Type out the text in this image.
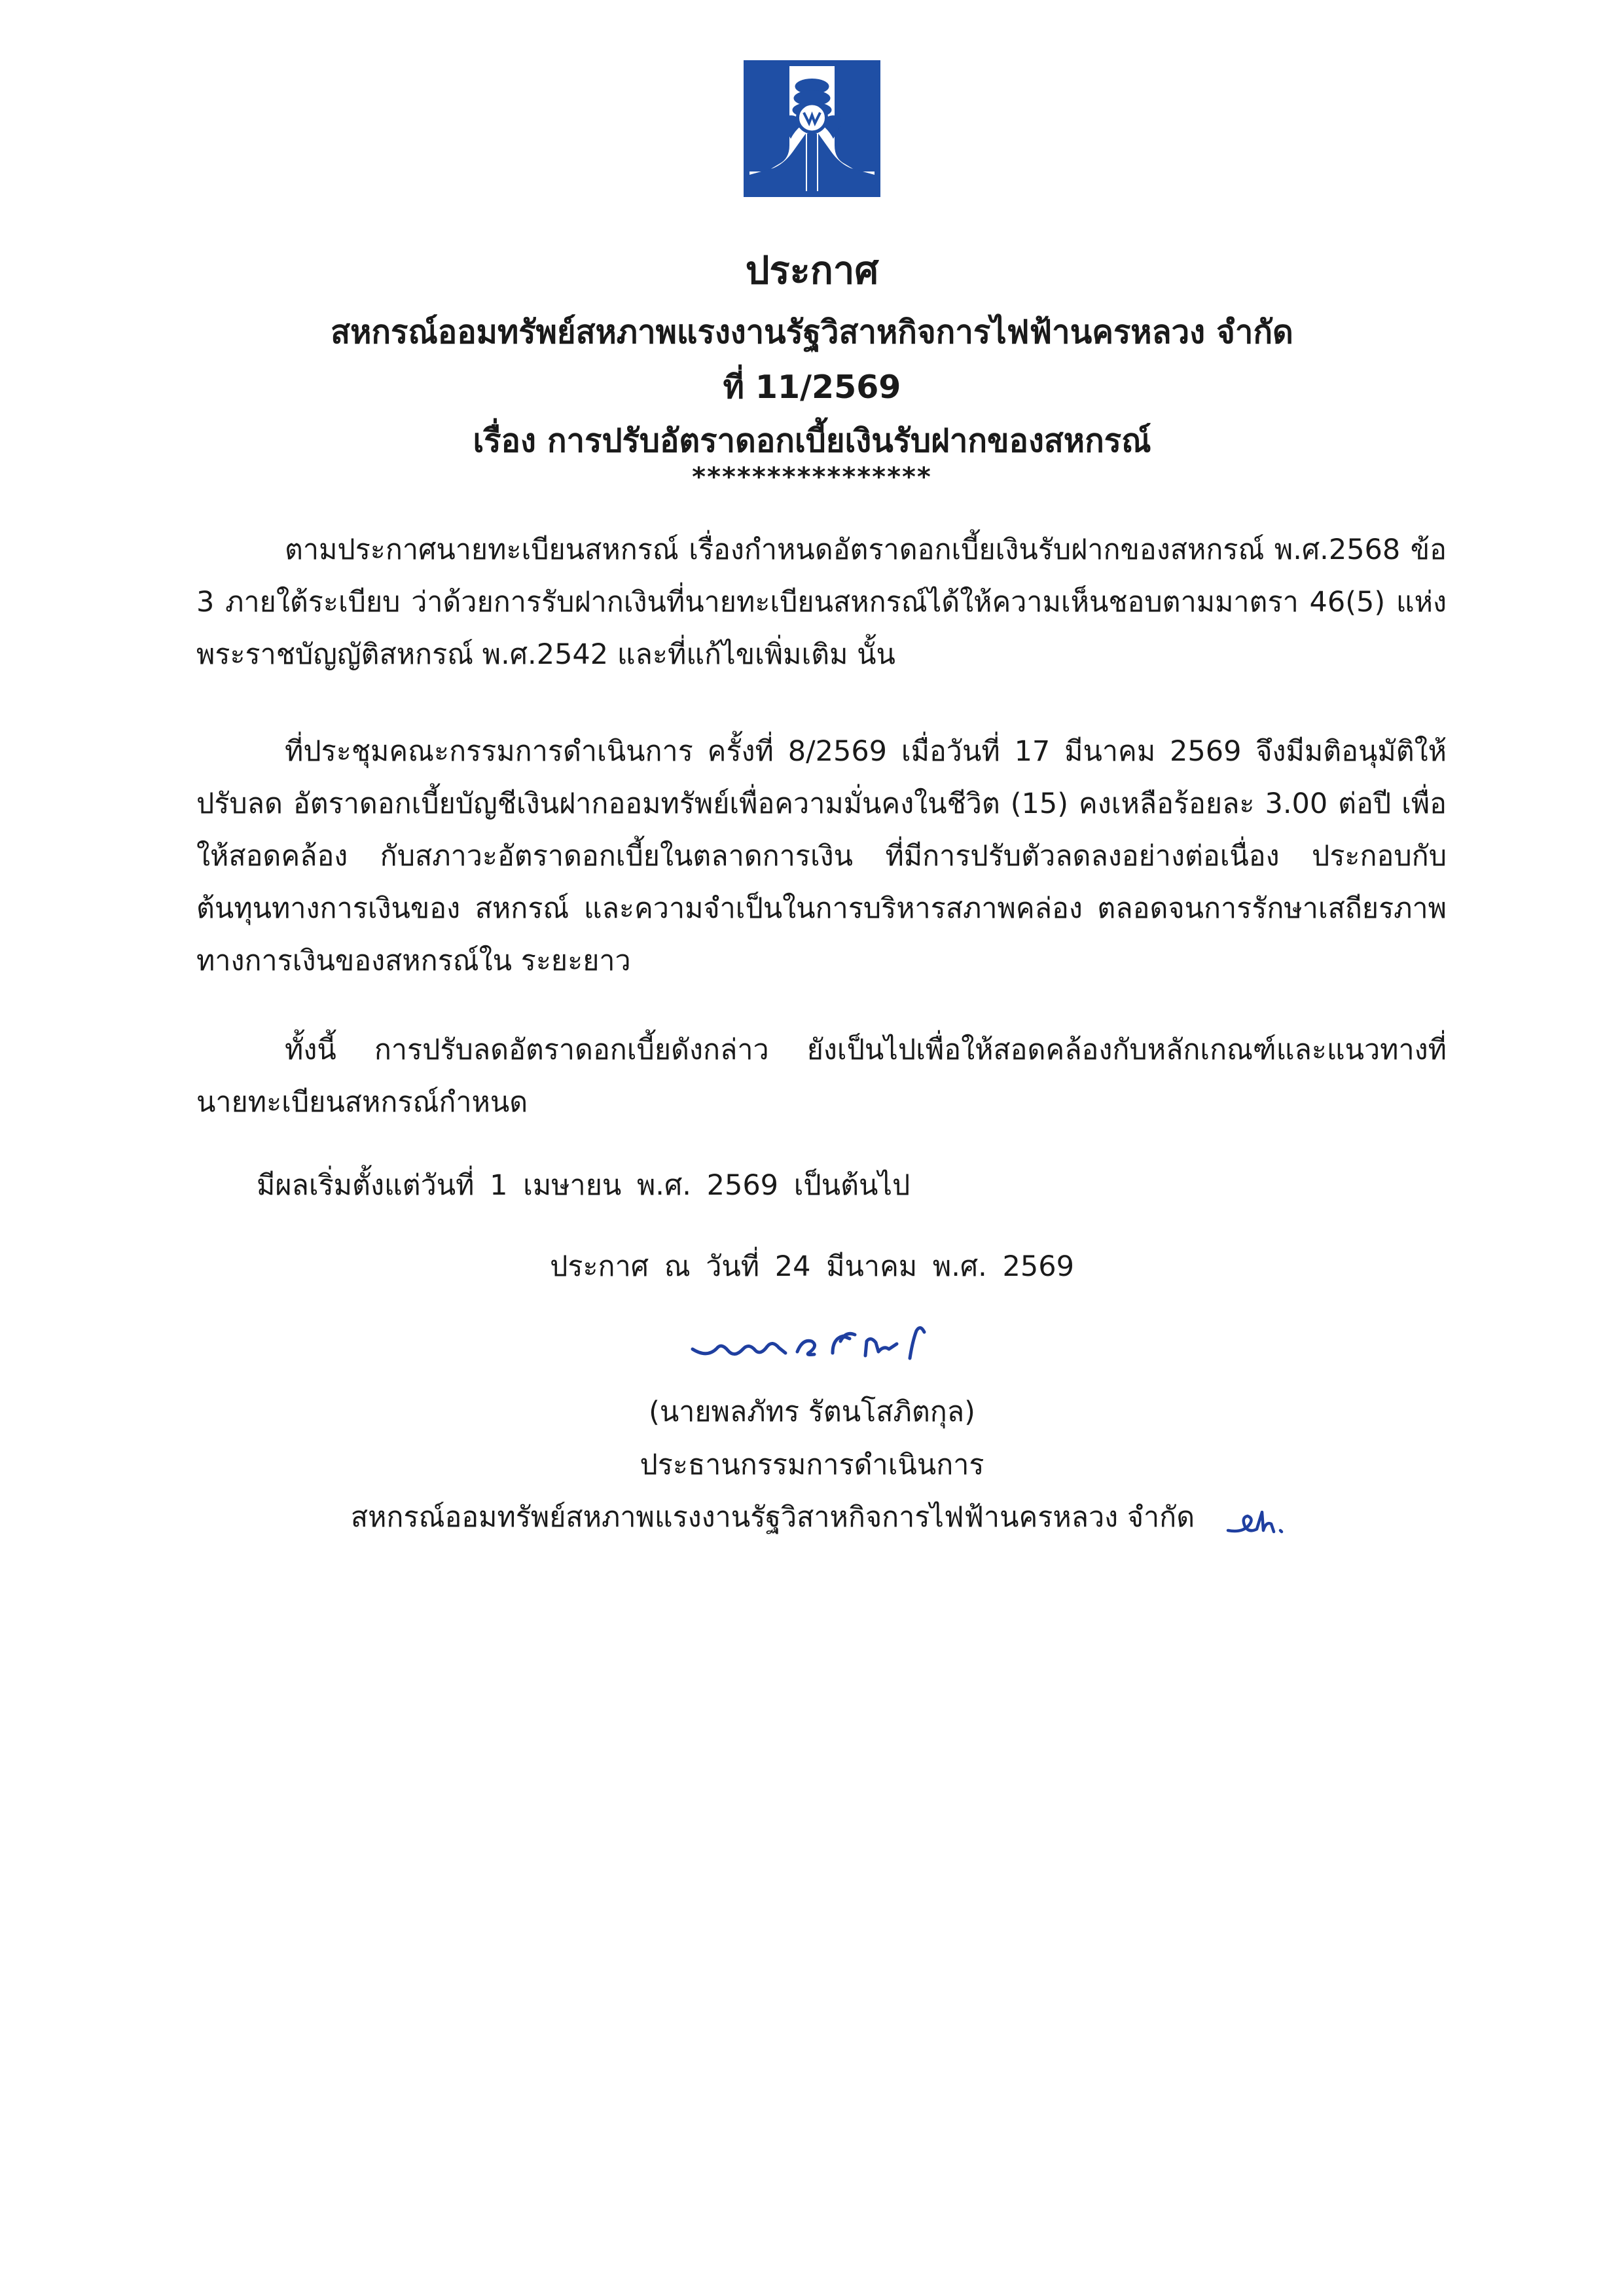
ประกาศ
สหกรณ์ออมทรัพย์สหภาพแรงงานรัฐวิสาหกิจการไฟฟ้านครหลวง จำกัด
ที่ 11/2569
เรื่อง การปรับอัตราดอกเบี้ยเงินรับฝากของสหกรณ์
****************

ตามประกาศนายทะเบียนสหกรณ์ เรื่องกำหนดอัตราดอกเบี้ยเงินรับฝากของสหกรณ์ พ.ศ.2568 ข้อ 3 ภายใต้ระเบียบ ว่าด้วยการรับฝากเงินที่นายทะเบียนสหกรณ์ได้ให้ความเห็นชอบตามมาตรา 46(5) แห่ง พระราชบัญญัติสหกรณ์ พ.ศ.2542 และที่แก้ไขเพิ่มเติม นั้น

ที่ประชุมคณะกรรมการดำเนินการ ครั้งที่ 8/2569 เมื่อวันที่ 17 มีนาคม 2569 จึงมีมติอนุมัติให้ปรับลด อัตราดอกเบี้ยบัญชีเงินฝากออมทรัพย์เพื่อความมั่นคงในชีวิต (15) คงเหลือร้อยละ 3.00 ต่อปี เพื่อให้สอดคล้อง กับสภาวะอัตราดอกเบี้ยในตลาดการเงิน ที่มีการปรับตัวลดลงอย่างต่อเนื่อง ประกอบกับต้นทุนทางการเงินของ สหกรณ์ และความจำเป็นในการบริหารสภาพคล่อง ตลอดจนการรักษาเสถียรภาพทางการเงินของสหกรณ์ใน ระยะยาว

ทั้งนี้ การปรับลดอัตราดอกเบี้ยดังกล่าว ยังเป็นไปเพื่อให้สอดคล้องกับหลักเกณฑ์และแนวทางที่ นายทะเบียนสหกรณ์กำหนด

มีผลเริ่มตั้งแต่วันที่ 1 เมษายน พ.ศ. 2569 เป็นต้นไป
ประกาศ ณ วันที่ 24 มีนาคม พ.ศ. 2569
(นายพลภัทร รัตนโสภิตกุล)
ประธานกรรมการดำเนินการ
สหกรณ์ออมทรัพย์สหภาพแรงงานรัฐวิสาหกิจการไฟฟ้านครหลวง จำกัด
